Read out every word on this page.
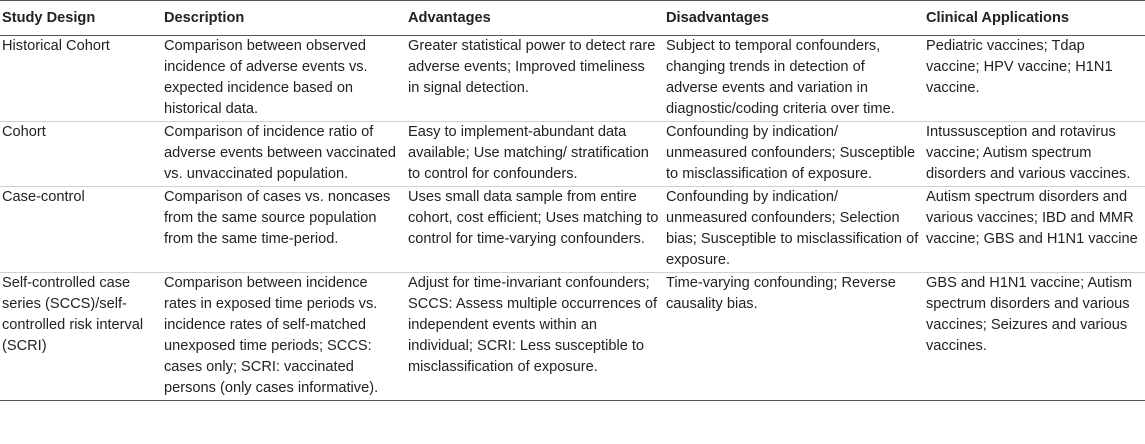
Study Design	Description	Advantages	Disadvantages	Clinical Applications
Historical Cohort	Comparison between observed incidence of adverse events vs. expected incidence based on historical data.	Greater statistical power to detect rare adverse events; Improved timeliness in signal detection.	Subject to temporal confounders, changing trends in detection of adverse events and variation in diagnostic/coding criteria over time.	Pediatric vaccines; Tdap vaccine; HPV vaccine; H1N1 vaccine.
Cohort	Comparison of incidence ratio of adverse events between vaccinated vs. unvaccinated population.	Easy to implement-abundant data available; Use matching/ stratification to control for confounders.	Confounding by indication/ unmeasured confounders; Susceptible to misclassification of exposure.	Intussusception and rotavirus vaccine; Autism spectrum disorders and various vaccines.
Case-control	Comparison of cases vs. noncases from the same source population from the same time-period.	Uses small data sample from entire cohort, cost efficient; Uses matching to control for time-varying confounders.	Confounding by indication/ unmeasured confounders; Selection bias; Susceptible to misclassification of exposure.	Autism spectrum disorders and various vaccines; IBD and MMR vaccine; GBS and H1N1 vaccine
Self-controlled case series (SCCS)/self-controlled risk interval (SCRI)	Comparison between incidence rates in exposed time periods vs. incidence rates of self-matched unexposed time periods; SCCS: cases only; SCRI: vaccinated persons (only cases informative).	Adjust for time-invariant confounders; SCCS: Assess multiple occurrences of independent events within an individual; SCRI: Less susceptible to misclassification of exposure.	Time-varying confounding; Reverse causality bias.	GBS and H1N1 vaccine; Autism spectrum disorders and various vaccines; Seizures and various vaccines.
